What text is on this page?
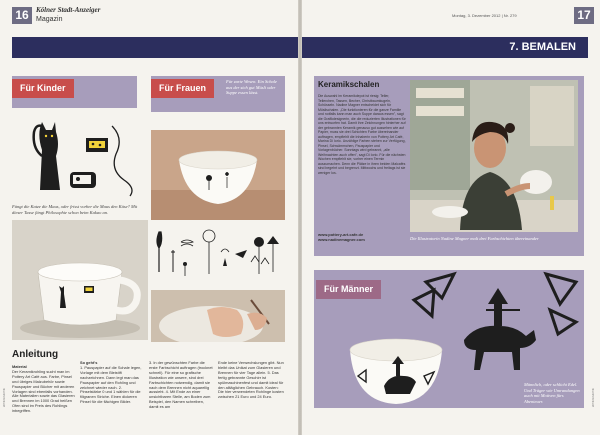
16	Kölner Stadt-Anzeiger
Magazin
Für Kinder
Fängt die Katze die Maus, oder frisst vorher die Maus den Käse? Mit dieser Tasse fängt Philosophie schon beim Kakao an.
Für Frauen
Für zarte Wesen. Ein Schale aus der sich gut Müsli oder Suppe essen lässt.
Anleitung
Material
Der Keramikrohling sucht man im Pottery Art Café aus. Farbe, Pinsel und übriges Malzubehör sowie Pauspapier und Bücher mit anderen Vorlagen sind ebenfalls vorhanden. Alle Materialien sowie das Glasieren und Brennen im 1000 Grad heißen Ofen sind im Preis des Rohlings inbegriffen.
So geht's
1. Pauspapier auf die Schale legen, Vorlage mit dem Bleistift nachzeichnen. Dann legt man das Pauspapier auf den Rohling und zeichnet wieder nach. 2. Pinselstärke 0 und 1 wählen für die filigranen Striche. Einen dickeren Pinsel für die flächigen Bilder.
3. In der gewünschten Farbe die erste Farbschicht auftragen (trocknet schnell). Für eine so grafische Illustration wie unsere, sind drei Farbschichten notwendig, damit sie nach dem Brennen nicht aquarellig aussieht. 4. Mit Ende an einer unsichtbaren Stelle, am Boden zum Beispiel, den Namen schreiben, damit es am
Ende keine Verwechslungen gibt. Nun bleibt das Unikat zum Glasieren und Brennen für vier Tage allein. 5. Das fertig gebrannte Geschirr ist spülmaschinenfest und damit ideal für den alltäglichen Gebrauch. Kosten: Die hier verwendeten Rohlinge kosten zwischen 21 Euro und 24 Euro.
DRESSERE
Montag, 3. Dezember 2012 | Nr. 279	17
7. BEMALEN
Keramikschalen
Die Auswahl im Keramikdepot ist riesig: Teller, Tellerchen, Tassen, Becher, Christbaumkugeln, Schüsseln. Nadine Magner entscheidet sich für Müslischalen. „Die funktionieren für die ganze Familie und notfalls kann man auch Suppe daraus essen", sagt die Grafikdesignerin, die die reduzierten Illustrationen für uns entworfen hat. Damit ihre Zeichnungen hinterher auf der gebrannten Keramik genauso gut aussehen wie auf Papier, muss sie drei Schichten Farbe übereinander auftragen, empfiehlt die Inhaberin von Pottery Art Café, Marina Di Iorio. Unzählige Farben stehen zur Verfügung, Pinsel, Schwämmchen, Pauspapier und Vorlagenbücher. Sonntags wird gebrannt, „alle Weihnachten auch offen", sagt Di Iorio. Für die nächsten Wochen empfiehlt sie, vorher einen Termin auszumachen. Denn die Plätze in ihren beiden Malcafés sind begehrt und begrenzt. Mittwochs und freitags ist sie weniger los.
www.pottery-art.cafe.de
www.nadinemagner.com	Die Illustratorin Nadine Magner malt drei Farbschichten übereinander
Für Männer
Männlich, oder schlicht Edel. Und Träger wie Umrandungen auch mit Motiven fürs Abenteuer.	DRESSERE
